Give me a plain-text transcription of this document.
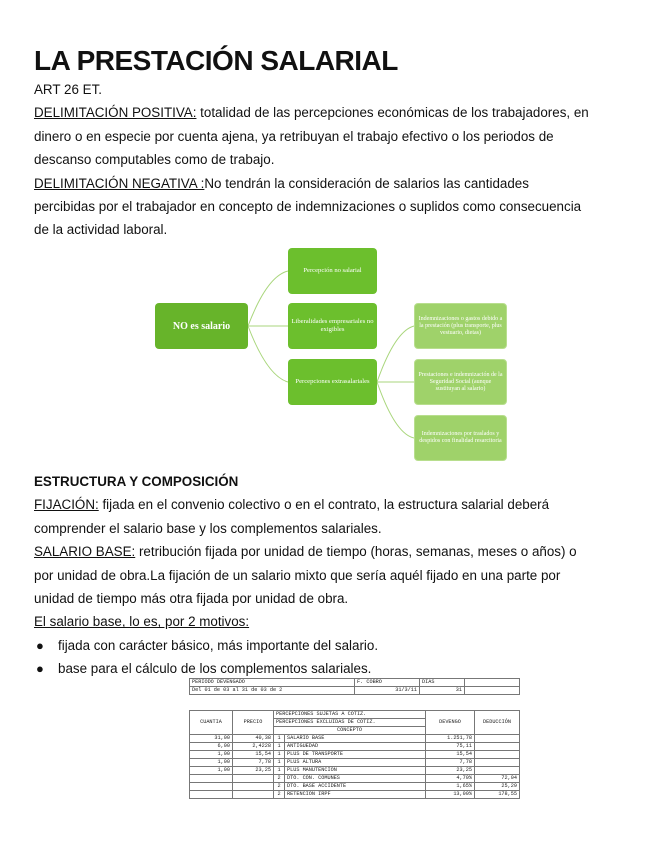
LA PRESTACIÓN SALARIAL

ART 26 ET.

DELIMITACIÓN POSITIVA: totalidad de las percepciones económicas de los trabajadores, en

dinero o en especie por cuenta ajena, ya retribuyan el trabajo efectivo o los periodos de

descanso computables como de trabajo.

DELIMITACIÓN NEGATIVA :No tendrán la consideración de salarios las cantidades

percibidas por el trabajador en concepto de indemnizaciones o suplidos como consecuencia

de la actividad laboral.

NO es salario
Percepción no salarial
Liberalidades empresariales no exigibles
Percepciones extrasalariales
Indemnizaciones o gastos debido a la prestación (plus transporte, plus vestuario, dietas)
Prestaciones e indemnización de la Seguridad Social (aunque sustituyan al salario)
Indemnizaciones por traslados y despidos con finalidad resarcitoria

ESTRUCTURA Y COMPOSICIÓN

FIJACIÓN: fijada en el convenio colectivo o en el contrato, la estructura salarial deberá

comprender el salario base y los complementos salariales.

SALARIO BASE: retribución fijada por unidad de tiempo (horas, semanas, meses o años) o

por unidad de obra.La fijación de un salario mixto que sería aquél fijado en una parte por

unidad de tiempo más otra fijada por unidad de obra.

El salario base, lo es, por 2 motivos:

● fijada con carácter básico, más importante del salario.
● base para el cálculo de los complementos salariales.
PERIODO DEVENGADO	F. COBRO	DÍAS	
Del 01 de 03 al 31 de 03 de 2	31/3/11	31	
CUANTIA	PRECIO	PERCEPCIONES SUJETAS A COTIZ.		DEVENGO	DEDUCCIÓN
		PERCEPCIONES EXCLUIDAS DE COTIZ.			
		CONCEPTO			
31,00	40,38	1	SALARIO BASE	1.251,78	
6,00	2,4228	1	ANTIGÜEDAD	75,11	
1,00	15,54	1	PLUS DE TRANSPORTE	15,54	
1,00	7,78	1	PLUS ALTURA	7,78	
1,00	23,25	1	PLUS MANUTENCIÓN	23,25	
		2	DTO. CON. COMUNES	4,70%	72,04
		2	DTO. BASE ACCIDENTE	1,65%	25,29
		2	RETENCIÓN IRPF	13,00%	178,55
